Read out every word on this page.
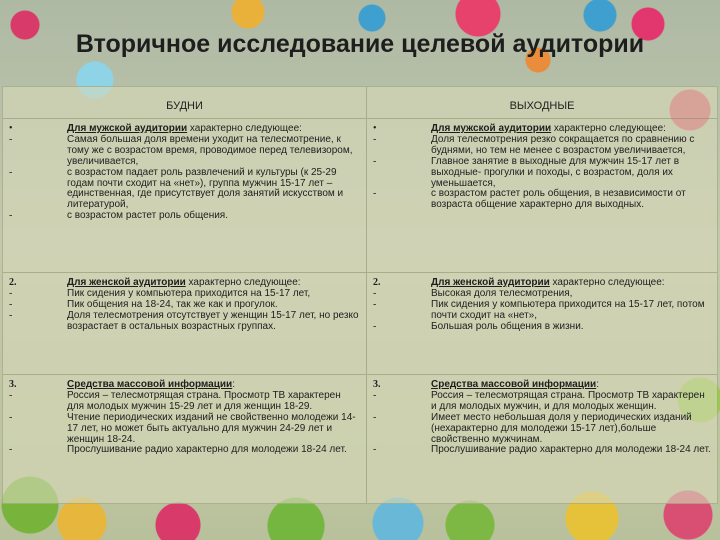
Вторичное исследование целевой аудитории
БУДНИ	ВЫХОДНЫЕ
•	Для мужской аудитории характерно следующее:
-	Самая большая доля времени уходит на телесмотрение, к тому же с возрастом время, проводимое перед телевизором, увеличивается,
-	с возрастом падает роль развлечений и культуры (к 25-29 годам почти сходит на «нет»), группа мужчин 15-17 лет – единственная, где присутствует доля занятий искусством и литературой,
-	с возрастом растет роль общения.
•	Для мужской аудитории характерно следующее:
-	Доля телесмотрения резко сокращается по сравнению с буднями, но тем не менее с возрастом увеличивается,
-	Главное занятие в выходные для мужчин 15-17 лет в выходные- прогулки и походы, с возрастом, доля их уменьшается,
-	с возрастом растет роль общения, в независимости от возраста общение характерно для выходных.
2.	Для женской аудитории характерно следующее:
-	Пик сидения у компьютера приходится на 15-17 лет,
-	Пик общения на 18-24, так же как и прогулок.
-	Доля телесмотрения отсутствует у женщин 15-17 лет, но резко возрастает в остальных возрастных группах.
2.	Для женской аудитории характерно следующее:
-	Высокая доля телесмотрения,
-	Пик сидения у компьютера приходится на 15-17 лет, потом почти сходит на «нет»,
-	Большая роль общения в жизни.
3.	Средства массовой информации:
-	Россия – телесмотрящая страна. Просмотр ТВ характерен для молодых мужчин 15-29 лет и для женщин 18-29.
-	Чтение периодических изданий не свойственно молодежи 14-17 лет, но может быть актуально для мужчин 24-29 лет и женщин 18-24.
-	Прослушивание радио характерно для молодежи 18-24 лет.
3.	Средства массовой информации:
-	Россия – телесмотрящая страна. Просмотр ТВ характерен и для молодых мужчин, и для молодых женщин.
-	Имеет место небольшая доля у периодических изданий (нехарактерно для молодежи 15-17 лет),больше свойственно мужчинам.
-	Прослушивание радио характерно для молодежи 18-24 лет.
